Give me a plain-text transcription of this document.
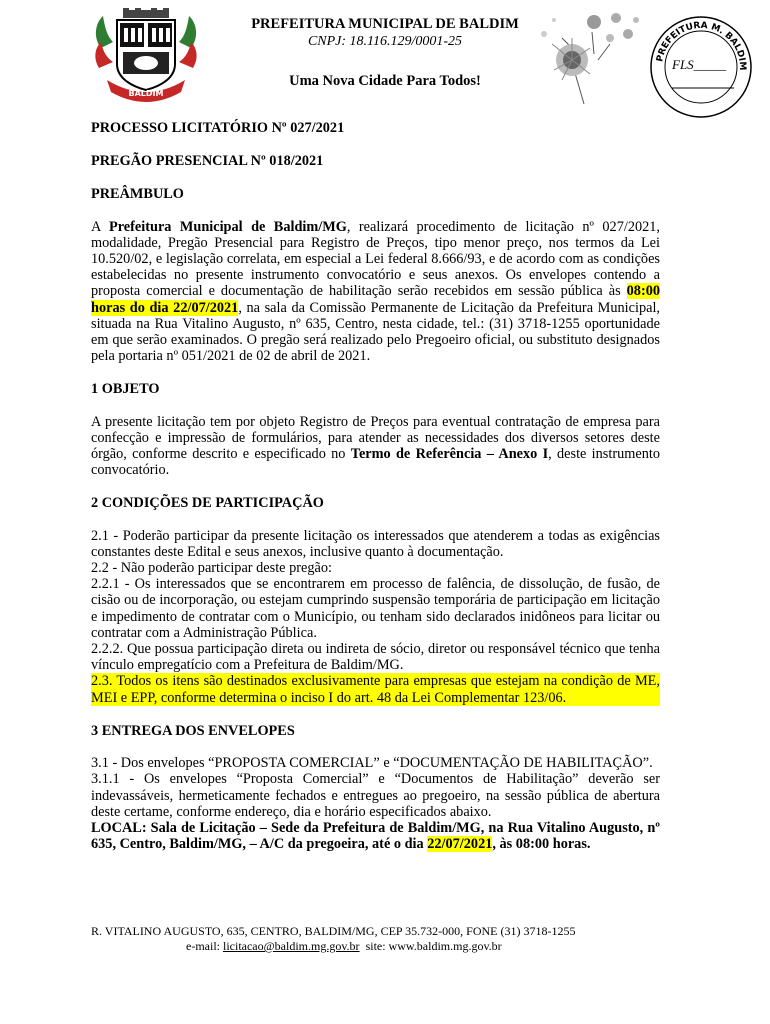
BALDIM
PREFEITURA MUNICIPAL DE BALDIM
CNPJ: 18.116.129/0001-25
Uma Nova Cidade Para Todos!
PREFEITURA M. BALDIM
FLS_____

PROCESSO LICITATÓRIO Nº 027/2021

PREGÃO PRESENCIAL Nº 018/2021

PREÂMBULO

A Prefeitura Municipal de Baldim/MG, realizará procedimento de licitação nº 027/2021, modalidade, Pregão Presencial para Registro de Preços, tipo menor preço, nos termos da Lei 10.520/02, e legislação correlata, em especial a Lei federal 8.666/93, e de acordo com as condições estabelecidas no presente instrumento convocatório e seus anexos. Os envelopes contendo a proposta comercial e documentação de habilitação serão recebidos em sessão pública às 08:00 horas do dia 22/07/2021, na sala da Comissão Permanente de Licitação da Prefeitura Municipal, situada na Rua Vitalino Augusto, nº 635, Centro, nesta cidade, tel.: (31) 3718-1255 oportunidade em que serão examinados. O pregão será realizado pelo Pregoeiro oficial, ou substituto designados pela portaria nº 051/2021 de 02 de abril de 2021.

1 OBJETO

A presente licitação tem por objeto Registro de Preços para eventual contratação de empresa para confecção e impressão de formulários, para atender as necessidades dos diversos setores deste órgão, conforme descrito e especificado no Termo de Referência – Anexo I, deste instrumento convocatório.

2 CONDIÇÕES DE PARTICIPAÇÃO

2.1 - Poderão participar da presente licitação os interessados que atenderem a todas as exigências constantes deste Edital e seus anexos, inclusive quanto à documentação.

2.2 - Não poderão participar deste pregão:

2.2.1 - Os interessados que se encontrarem em processo de falência, de dissolução, de fusão, de cisão ou de incorporação, ou estejam cumprindo suspensão temporária de participação em licitação e impedimento de contratar com o Município, ou tenham sido declarados inidôneos para licitar ou contratar com a Administração Pública.

2.2.2. Que possua participação direta ou indireta de sócio, diretor ou responsável técnico que tenha vínculo empregatício com a Prefeitura de Baldim/MG.

2.3. Todos os itens são destinados exclusivamente para empresas que estejam na condição de ME, MEI e EPP, conforme determina o inciso I do art. 48 da Lei Complementar 123/06.

3 ENTREGA DOS ENVELOPES

3.1 - Dos envelopes “PROPOSTA COMERCIAL” e “DOCUMENTAÇÃO DE HABILITAÇÃO”.

3.1.1 - Os envelopes “Proposta Comercial” e “Documentos de Habilitação” deverão ser indevassáveis, hermeticamente fechados e entregues ao pregoeiro, na sessão pública de abertura deste certame, conforme endereço, dia e horário especificados abaixo.

LOCAL: Sala de Licitação – Sede da Prefeitura de Baldim/MG, na Rua Vitalino Augusto, nº 635, Centro, Baldim/MG, – A/C da pregoeira, até o dia 22/07/2021, às 08:00 horas.

R. VITALINO AUGUSTO, 635, CENTRO, BALDIM/MG, CEP 35.732-000, FONE (31) 3718-1255
e-mail: licitacao@baldim.mg.gov.br  site: www.baldim.mg.gov.br
